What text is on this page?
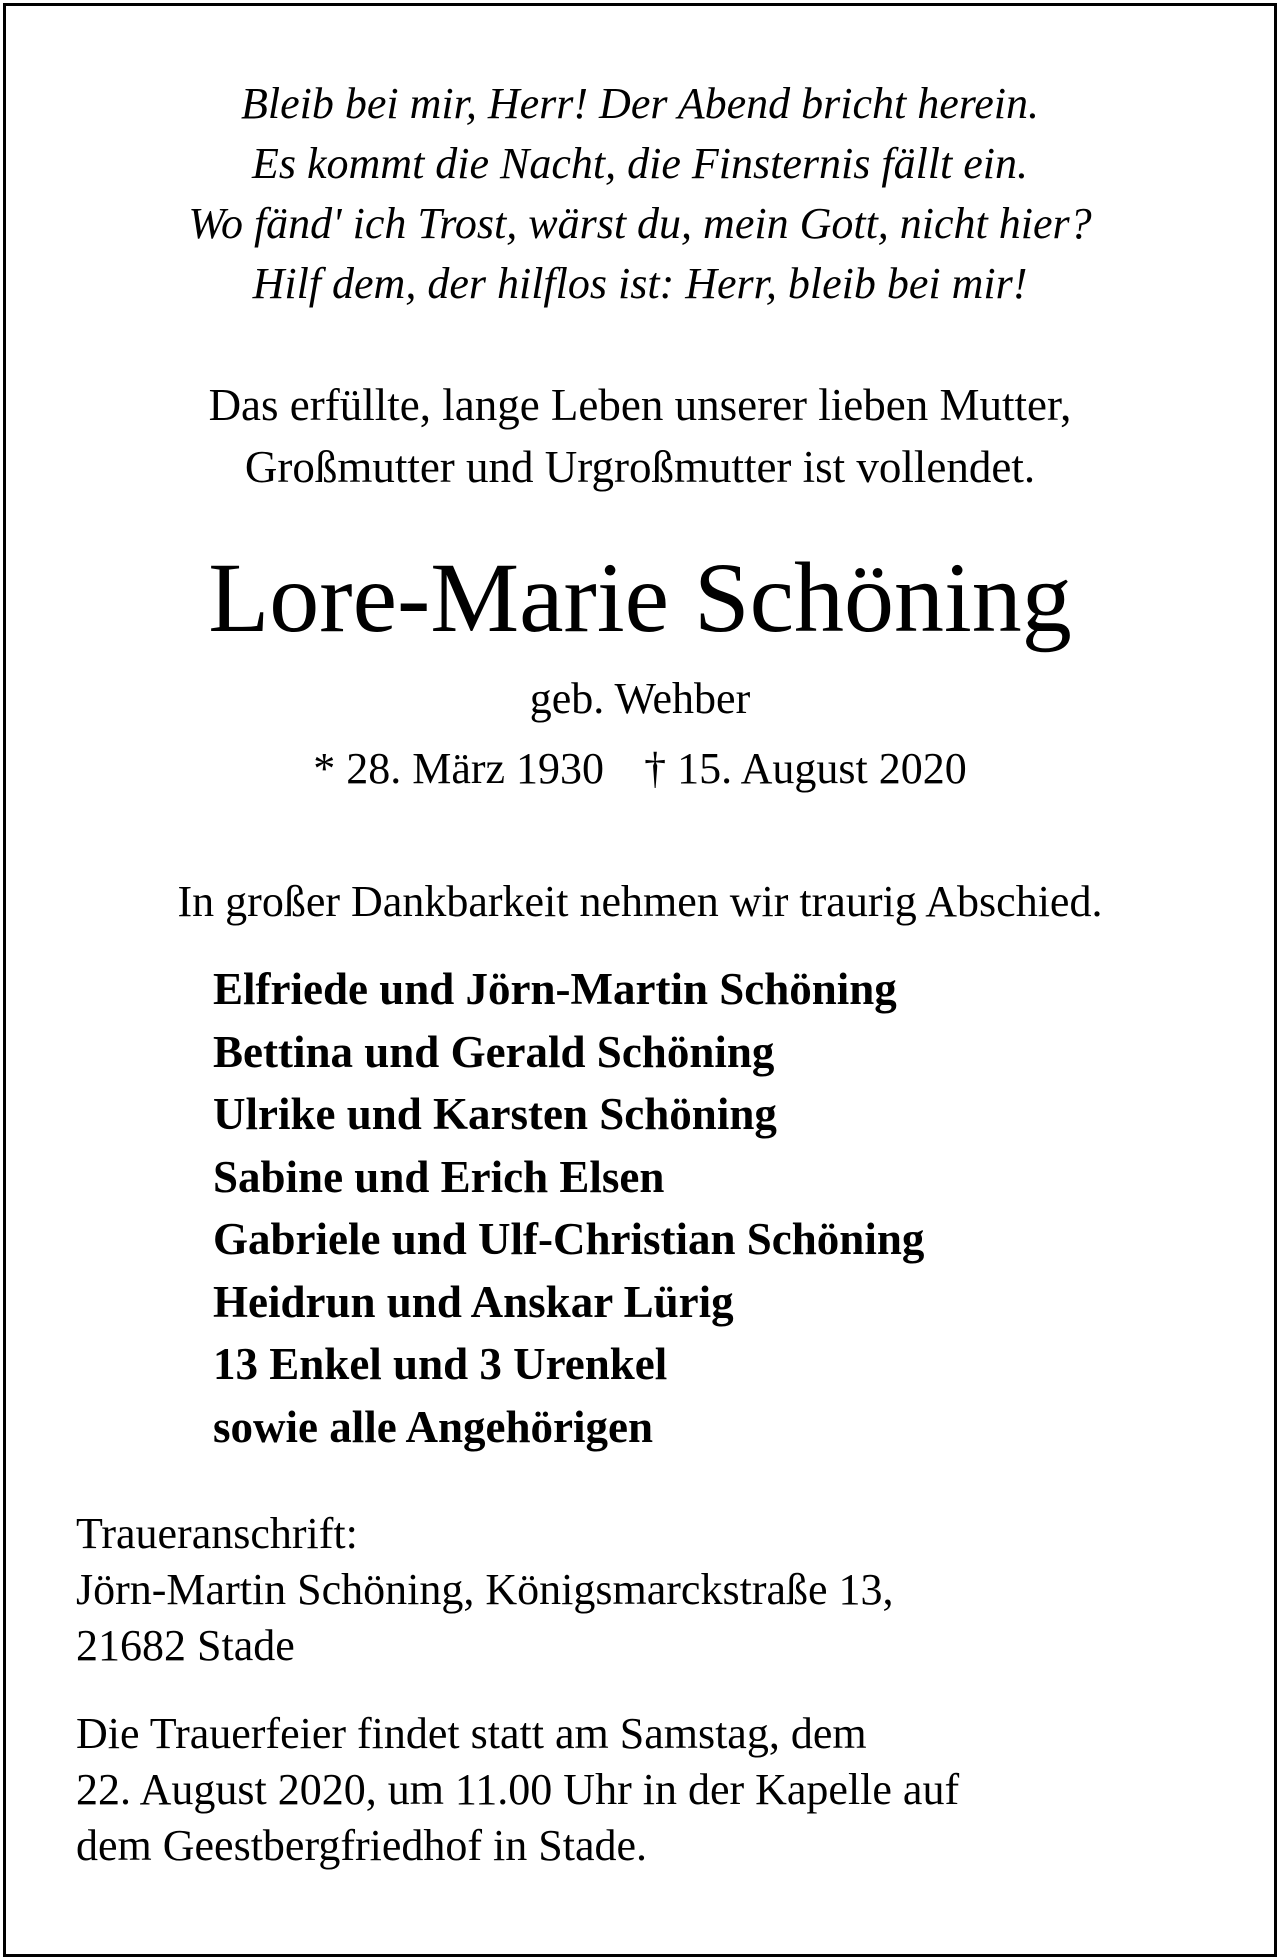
Bleib bei mir, Herr! Der Abend bricht herein.
Es kommt die Nacht, die Finsternis fällt ein.
Wo fänd' ich Trost, wärst du, mein Gott, nicht hier?
Hilf dem, der hilflos ist: Herr, bleib bei mir!
Das erfüllte, lange Leben unserer lieben Mutter,
Großmutter und Urgroßmutter ist vollendet.
Lore-Marie Schöning
geb. Wehber
* 28. März 1930 † 15. August 2020
In großer Dankbarkeit nehmen wir traurig Abschied.
Elfriede und Jörn-Martin Schöning
Bettina und Gerald Schöning
Ulrike und Karsten Schöning
Sabine und Erich Elsen
Gabriele und Ulf-Christian Schöning
Heidrun und Anskar Lürig
13 Enkel und 3 Urenkel
sowie alle Angehörigen
Traueranschrift:
Jörn-Martin Schöning, Königsmarckstraße 13,
21682 Stade
Die Trauerfeier findet statt am Samstag, dem
22. August 2020, um 11.00 Uhr in der Kapelle auf
dem Geestbergfriedhof in Stade.
